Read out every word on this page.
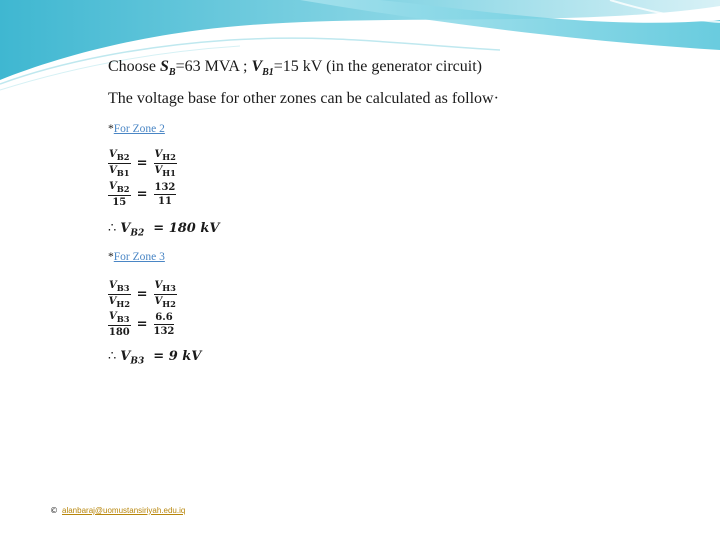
Choose $S_B=63$ MVA ; $V_{B1}=15$ kV (in the generator circuit)
The voltage base for other zones can be calculated as follow·
*For Zone 2
$\frac{V_{B2}}{V_{B1}} = \frac{V_{H2}}{V_{H1}}$
$\frac{V_{B2}}{15} = \frac{132}{11}$
∴ $V_{B2} = 180$ kV
*For Zone 3
$\frac{V_{B3}}{V_{H2}} = \frac{V_{H3}}{V_{H2}}$
$\frac{V_{B3}}{180} = \frac{6.6}{132}$
∴ $V_{B3} = 9$ kV
© alanbaraj@uomustansiriyah.edu.iq
